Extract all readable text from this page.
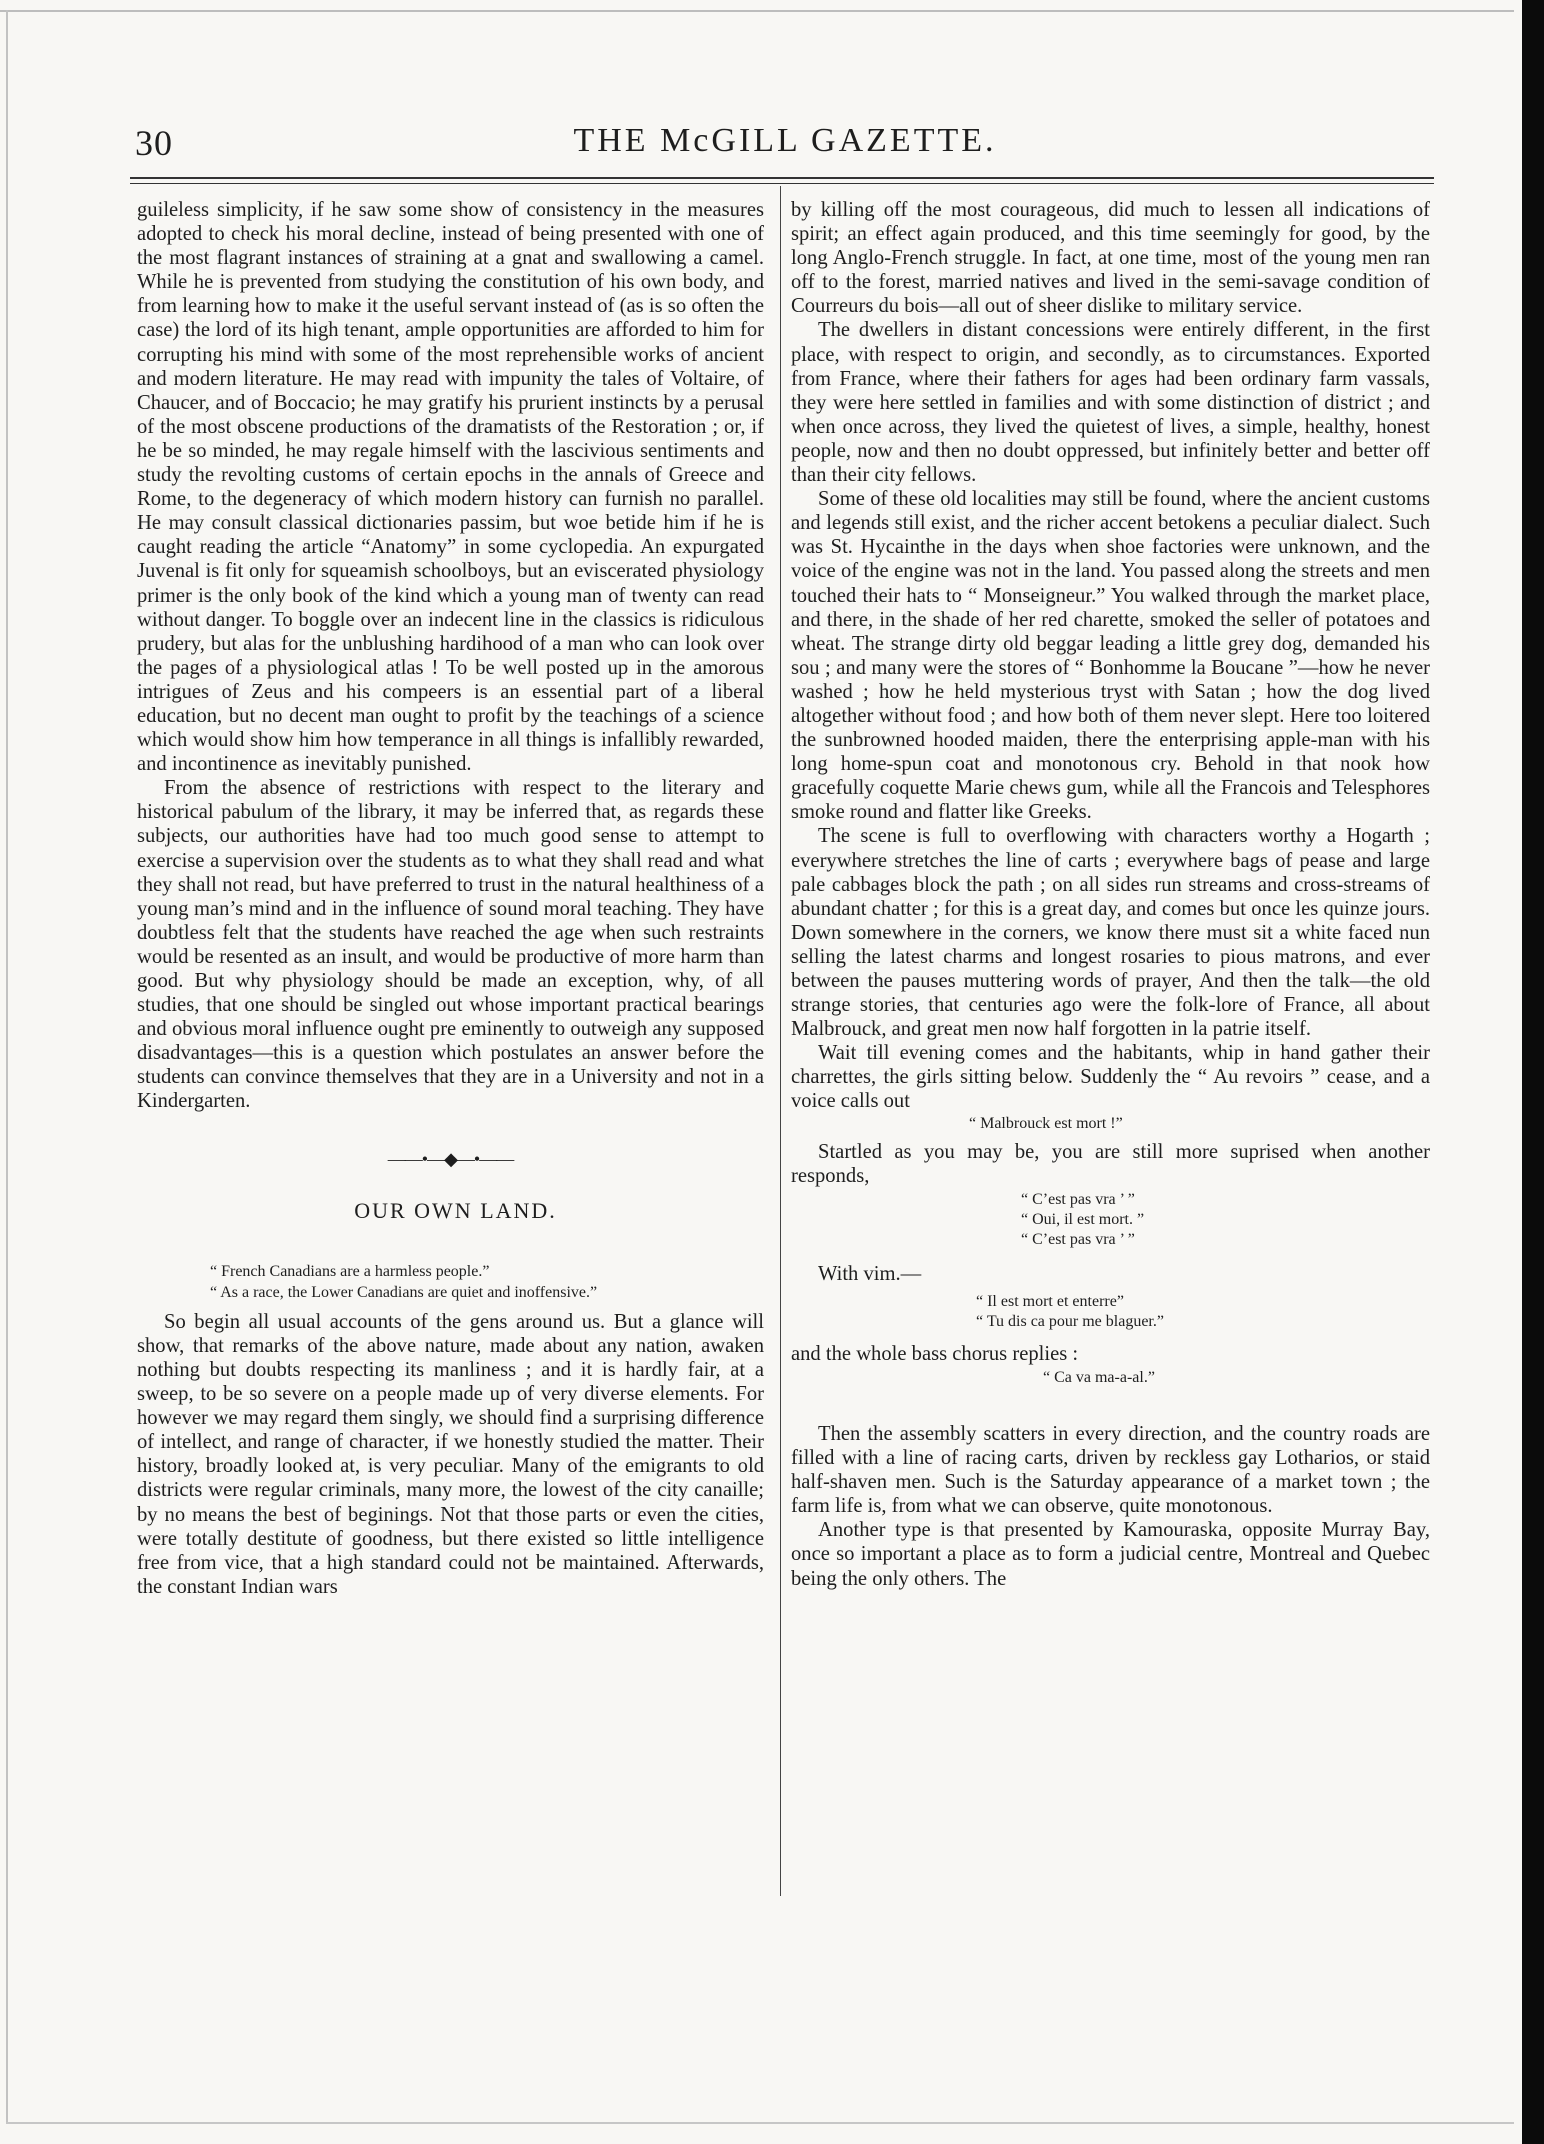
30	THE McGILL GAZETTE.

guileless simplicity, if he saw some show of consistency in the measures adopted to check his moral decline, instead of being presented with one of the most flagrant instances of straining at a gnat and swallowing a camel. While he is prevented from studying the constitution of his own body, and from learning how to make it the useful servant instead of (as is so often the case) the lord of its high tenant, ample opportunities are afforded to him for corrupting his mind with some of the most reprehensible works of ancient and modern literature. He may read with impunity the tales of Voltaire, of Chaucer, and of Boccacio; he may gratify his prurient instincts by a perusal of the most obscene productions of the dramatists of the Restoration ; or, if he be so minded, he may regale himself with the lascivious sentiments and study the revolting customs of certain epochs in the annals of Greece and Rome, to the degeneracy of which modern history can furnish no parallel. He may consult classical dictionaries passim, but woe betide him if he is caught reading the article “Anatomy” in some cyclopedia. An expurgated Juvenal is fit only for squeamish schoolboys, but an eviscerated physiology primer is the only book of the kind which a young man of twenty can read without danger. To boggle over an indecent line in the classics is ridiculous prudery, but alas for the unblushing hardihood of a man who can look over the pages of a physiological atlas ! To be well posted up in the amorous intrigues of Zeus and his compeers is an essential part of a liberal education, but no decent man ought to profit by the teachings of a science which would show him how temperance in all things is infallibly rewarded, and incontinence as inevitably punished.

From the absence of restrictions with respect to the literary and historical pabulum of the library, it may be inferred that, as regards these subjects, our authorities have had too much good sense to attempt to exercise a supervision over the students as to what they shall read and what they shall not read, but have preferred to trust in the natural healthiness of a young man’s mind and in the influence of sound moral teaching. They have doubtless felt that the students have reached the age when such restraints would be resented as an insult, and would be productive of more harm than good. But why physiology should be made an exception, why, of all studies, that one should be singled out whose important practical bearings and obvious moral influence ought pre eminently to outweigh any supposed disadvantages—this is a question which postulates an answer before the students can convince themselves that they are in a University and not in a Kindergarten.

——•—◆—•——
OUR OWN LAND.
“ French Canadians are a harmless people.”
“ As a race, the Lower Canadians are quiet and inoffensive.”

So begin all usual accounts of the gens around us. But a glance will show, that remarks of the above nature, made about any nation, awaken nothing but doubts respecting its manliness ; and it is hardly fair, at a sweep, to be so severe on a people made up of very diverse elements. For however we may regard them singly, we should find a surprising difference of intellect, and range of character, if we honestly studied the matter. Their history, broadly looked at, is very peculiar. Many of the emigrants to old districts were regular criminals, many more, the lowest of the city canaille; by no means the best of beginings. Not that those parts or even the cities, were totally destitute of goodness, but there existed so little intelligence free from vice, that a high standard could not be maintained. Afterwards, the constant Indian wars

by killing off the most courageous, did much to lessen all indications of spirit; an effect again produced, and this time seemingly for good, by the long Anglo-French struggle. In fact, at one time, most of the young men ran off to the forest, married natives and lived in the semi-savage condition of Courreurs du bois—all out of sheer dislike to military service.

The dwellers in distant concessions were entirely different, in the first place, with respect to origin, and secondly, as to circumstances. Exported from France, where their fathers for ages had been ordinary farm vassals, they were here settled in families and with some distinction of district ; and when once across, they lived the quietest of lives, a simple, healthy, honest people, now and then no doubt oppressed, but infinitely better and better off than their city fellows.

Some of these old localities may still be found, where the ancient customs and legends still exist, and the richer accent betokens a peculiar dialect. Such was St. Hycainthe in the days when shoe factories were unknown, and the voice of the engine was not in the land. You passed along the streets and men touched their hats to “ Monseigneur.” You walked through the market place, and there, in the shade of her red charette, smoked the seller of potatoes and wheat. The strange dirty old beggar leading a little grey dog, demanded his sou ; and many were the stores of “ Bonhomme la Boucane ”—how he never washed ; how he held mysterious tryst with Satan ; how the dog lived altogether without food ; and how both of them never slept. Here too loitered the sunbrowned hooded maiden, there the enterprising apple-man with his long home-spun coat and monotonous cry. Behold in that nook how gracefully coquette Marie chews gum, while all the Francois and Telesphores smoke round and flatter like Greeks.

The scene is full to overflowing with characters worthy a Hogarth ; everywhere stretches the line of carts ; everywhere bags of pease and large pale cabbages block the path ; on all sides run streams and cross-streams of abundant chatter ; for this is a great day, and comes but once les quinze jours. Down somewhere in the corners, we know there must sit a white faced nun selling the latest charms and longest rosaries to pious matrons, and ever between the pauses muttering words of prayer, And then the talk—the old strange stories, that centuries ago were the folk-lore of France, all about Malbrouck, and great men now half forgotten in la patrie itself.

Wait till evening comes and the habitants, whip in hand gather their charrettes, the girls sitting below. Suddenly the “ Au revoirs ” cease, and a voice calls out

“ Malbrouck est mort !”

Startled as you may be, you are still more suprised when another responds,

“ C’est pas vra ’ ”
“ Oui, il est mort. ”
“ C’est pas vra ’ ”

With vim.—

“ Il est mort et enterre”
“ Tu dis ca pour me blaguer.”

and the whole bass chorus replies :

“ Ca va ma-a-al.”

Then the assembly scatters in every direction, and the country roads are filled with a line of racing carts, driven by reckless gay Lotharios, or staid half-shaven men. Such is the Saturday appearance of a market town ; the farm life is, from what we can observe, quite monotonous.

Another type is that presented by Kamouraska, opposite Murray Bay, once so important a place as to form a judicial centre, Montreal and Quebec being the only others. The
